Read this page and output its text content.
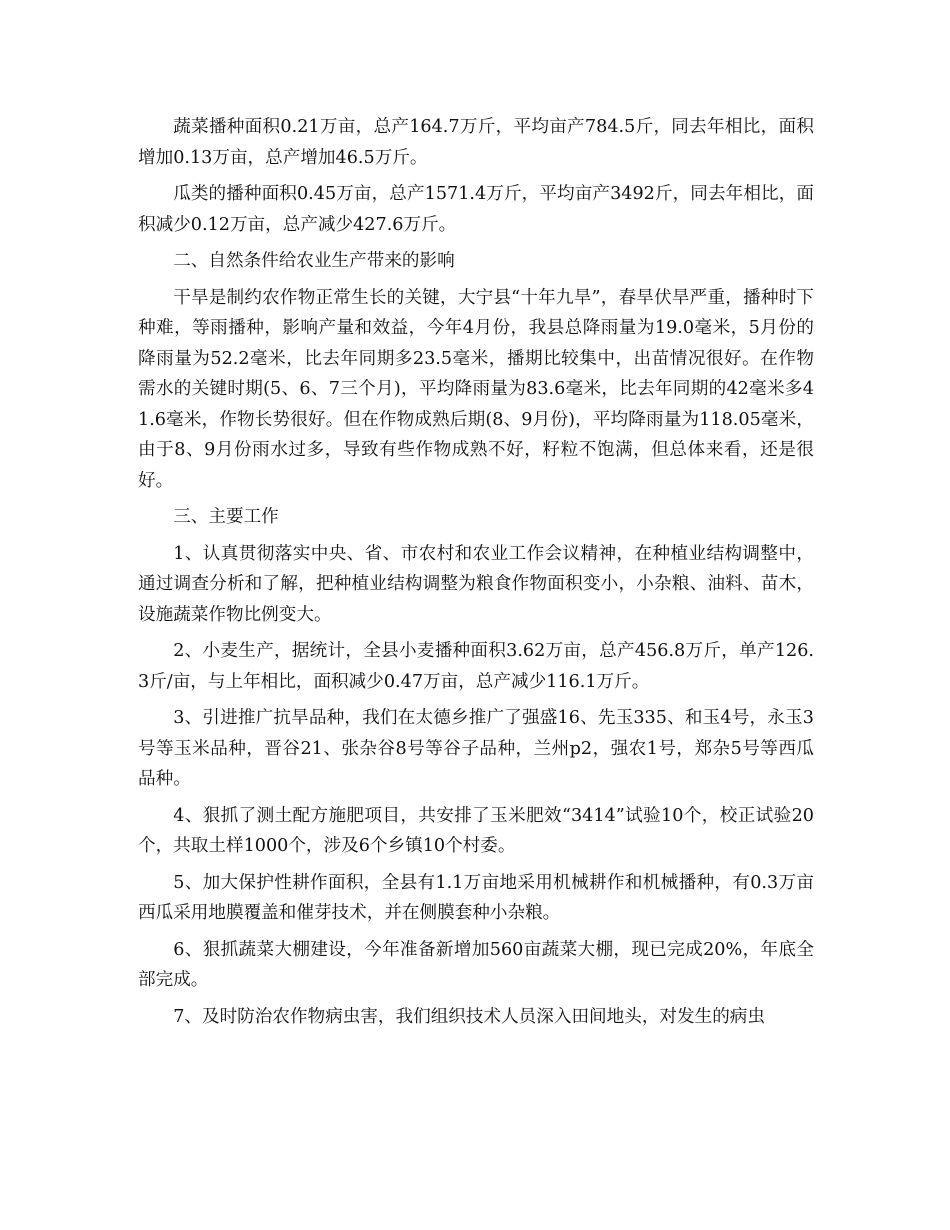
蔬菜播种面积0.21万亩，总产164.7万斤，平均亩产784.5斤，同去年相比，面积增加0.13万亩，总产增加46.5万斤。

瓜类的播种面积0.45万亩，总产1571.4万斤，平均亩产3492斤，同去年相比，面积减少0.12万亩，总产减少427.6万斤。

二、自然条件给农业生产带来的影响

干旱是制约农作物正常生长的关键，大宁县“十年九旱”，春旱伏旱严重，播种时下种难，等雨播种，影响产量和效益，今年4月份，我县总降雨量为19.0毫米，5月份的降雨量为52.2毫米，比去年同期多23.5毫米，播期比较集中，出苗情况很好。在作物需水的关键时期(5、6、7三个月)，平均降雨量为83.6毫米，比去年同期的42毫米多41.6毫米，作物长势很好。但在作物成熟后期(8、9月份)，平均降雨量为118.05毫米，由于8、9月份雨水过多，导致有些作物成熟不好，籽粒不饱满，但总体来看，还是很好。

三、主要工作

1、认真贯彻落实中央、省、市农村和农业工作会议精神，在种植业结构调整中，通过调查分析和了解，把种植业结构调整为粮食作物面积变小，小杂粮、油料、苗木，设施蔬菜作物比例变大。

2、小麦生产，据统计，全县小麦播种面积3.62万亩，总产456.8万斤，单产126.3斤/亩，与上年相比，面积减少0.47万亩，总产减少116.1万斤。

3、引进推广抗旱品种，我们在太德乡推广了强盛16、先玉335、和玉4号，永玉3号等玉米品种，晋谷21、张杂谷8号等谷子品种，兰州p2，强农1号，郑杂5号等西瓜品种。

4、狠抓了测土配方施肥项目，共安排了玉米肥效“3414”试验10个，校正试验20个，共取土样1000个，涉及6个乡镇10个村委。

5、加大保护性耕作面积，全县有1.1万亩地采用机械耕作和机械播种，有0.3万亩西瓜采用地膜覆盖和催芽技术，并在侧膜套种小杂粮。

6、狠抓蔬菜大棚建设，今年准备新增加560亩蔬菜大棚，现已完成20%，年底全部完成。

7、及时防治农作物病虫害，我们组织技术人员深入田间地头，对发生的病虫
